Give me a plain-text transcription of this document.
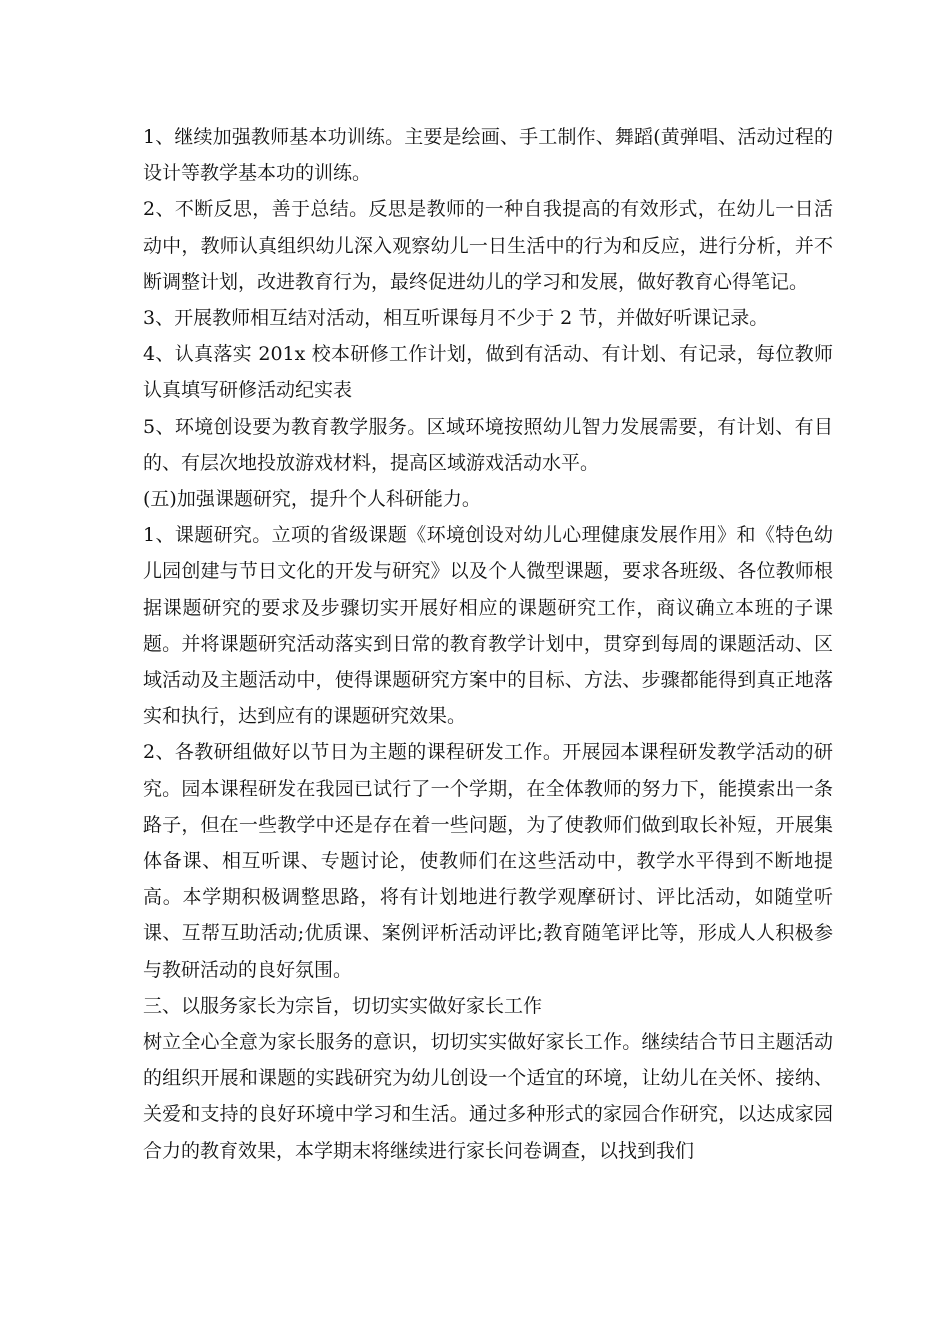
1、继续加强教师基本功训练。主要是绘画、手工制作、舞蹈(黄弹唱、活动过程的设计等教学基本功的训练。

2、不断反思，善于总结。反思是教师的一种自我提高的有效形式，在幼儿一日活动中，教师认真组织幼儿深入观察幼儿一日生活中的行为和反应，进行分析，并不断调整计划，改进教育行为，最终促进幼儿的学习和发展，做好教育心得笔记。

3、开展教师相互结对活动，相互听课每月不少于 2 节，并做好听课记录。

4、认真落实 201x 校本研修工作计划，做到有活动、有计划、有记录，每位教师认真填写研修活动纪实表

5、环境创设要为教育教学服务。区域环境按照幼儿智力发展需要，有计划、有目的、有层次地投放游戏材料，提高区域游戏活动水平。

(五)加强课题研究，提升个人科研能力。

1、课题研究。立项的省级课题《环境创设对幼儿心理健康发展作用》和《特色幼儿园创建与节日文化的开发与研究》以及个人微型课题，要求各班级、各位教师根据课题研究的要求及步骤切实开展好相应的课题研究工作，商议确立本班的子课题。并将课题研究活动落实到日常的教育教学计划中，贯穿到每周的课题活动、区域活动及主题活动中，使得课题研究方案中的目标、方法、步骤都能得到真正地落实和执行，达到应有的课题研究效果。

2、各教研组做好以节日为主题的课程研发工作。开展园本课程研发教学活动的研究。园本课程研发在我园已试行了一个学期，在全体教师的努力下，能摸索出一条路子，但在一些教学中还是存在着一些问题，为了使教师们做到取长补短，开展集体备课、相互听课、专题讨论，使教师们在这些活动中，教学水平得到不断地提高。本学期积极调整思路，将有计划地进行教学观摩研讨、评比活动，如随堂听课、互帮互助活动;优质课、案例评析活动评比;教育随笔评比等，形成人人积极参与教研活动的良好氛围。

三、以服务家长为宗旨，切切实实做好家长工作

树立全心全意为家长服务的意识，切切实实做好家长工作。继续结合节日主题活动的组织开展和课题的实践研究为幼儿创设一个适宜的环境，让幼儿在关怀、接纳、关爱和支持的良好环境中学习和生活。通过多种形式的家园合作研究，以达成家园合力的教育效果，本学期末将继续进行家长问卷调查，以找到我们
